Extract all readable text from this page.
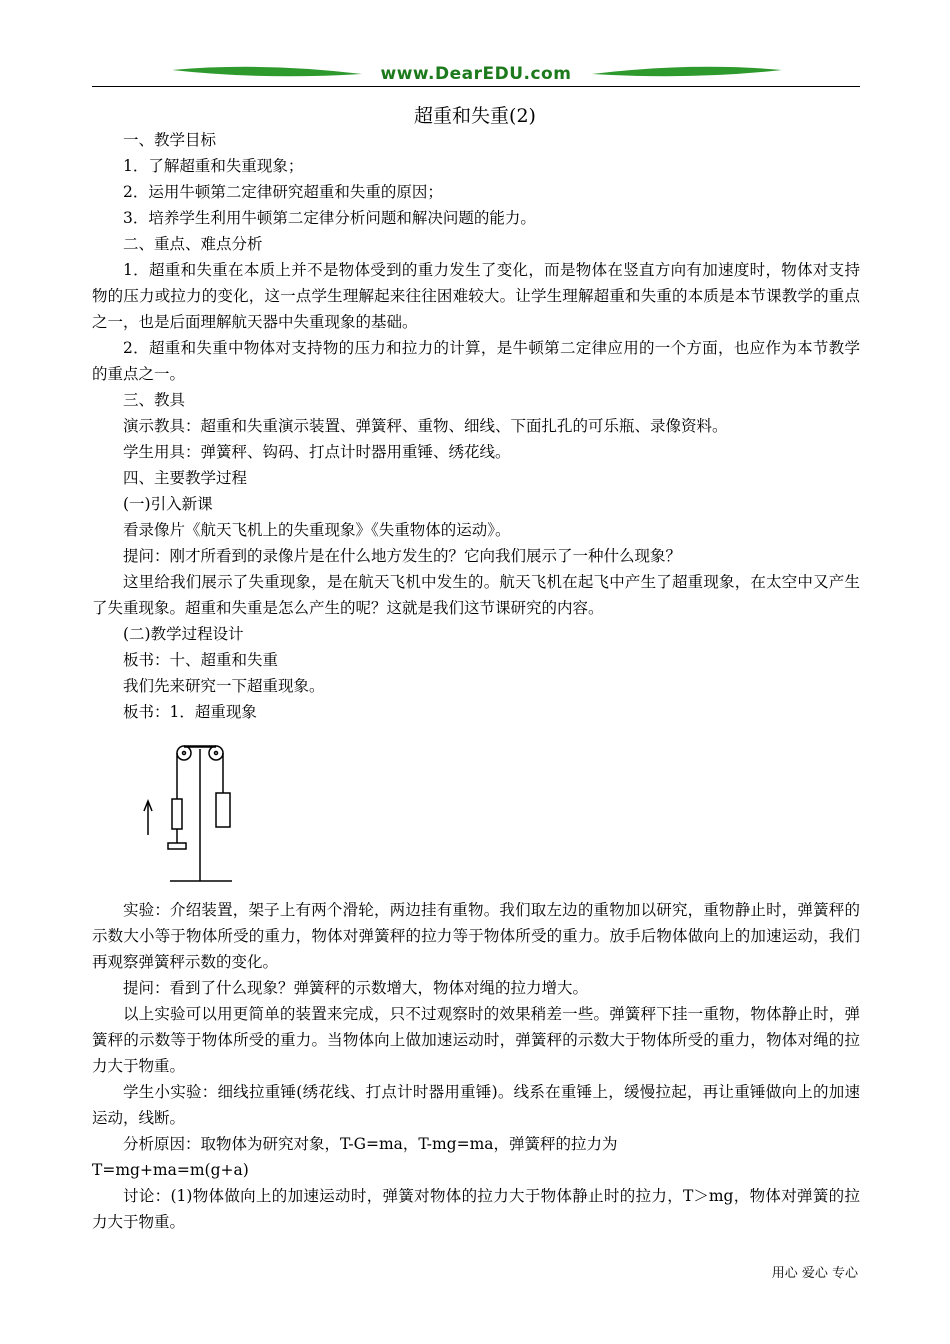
www.DearEDU.com
超重和失重(2)

一、教学目标

1．了解超重和失重现象；

2．运用牛顿第二定律研究超重和失重的原因；

3．培养学生利用牛顿第二定律分析问题和解决问题的能力。

二、重点、难点分析

1．超重和失重在本质上并不是物体受到的重力发生了变化，而是物体在竖直方向有加速度时，物体对支持物的压力或拉力的变化，这一点学生理解起来往往困难较大。让学生理解超重和失重的本质是本节课教学的重点之一，也是后面理解航天器中失重现象的基础。

2．超重和失重中物体对支持物的压力和拉力的计算，是牛顿第二定律应用的一个方面，也应作为本节教学的重点之一。

三、教具

演示教具：超重和失重演示装置、弹簧秤、重物、细线、下面扎孔的可乐瓶、录像资料。

学生用具：弹簧秤、钩码、打点计时器用重锤、绣花线。

四、主要教学过程

(一)引入新课

看录像片《航天飞机上的失重现象》《失重物体的运动》。

提问：刚才所看到的录像片是在什么地方发生的？它向我们展示了一种什么现象？

这里给我们展示了失重现象，是在航天飞机中发生的。航天飞机在起飞中产生了超重现象，在太空中又产生了失重现象。超重和失重是怎么产生的呢？这就是我们这节课研究的内容。

(二)教学过程设计

板书：十、超重和失重

我们先来研究一下超重现象。

板书：1．超重现象

实验：介绍装置，架子上有两个滑轮，两边挂有重物。我们取左边的重物加以研究，重物静止时，弹簧秤的示数大小等于物体所受的重力，物体对弹簧秤的拉力等于物体所受的重力。放手后物体做向上的加速运动，我们再观察弹簧秤示数的变化。

提问：看到了什么现象？弹簧秤的示数增大，物体对绳的拉力增大。

以上实验可以用更简单的装置来完成，只不过观察时的效果稍差一些。弹簧秤下挂一重物，物体静止时，弹簧秤的示数等于物体所受的重力。当物体向上做加速运动时，弹簧秤的示数大于物体所受的重力，物体对绳的拉力大于物重。

学生小实验：细线拉重锤(绣花线、打点计时器用重锤)。线系在重锤上，缓慢拉起，再让重锤做向上的加速运动，线断。

分析原因：取物体为研究对象，T-G=ma，T-mg=ma，弹簧秤的拉力为

T=mg+ma=m(g+a)

讨论：(1)物体做向上的加速运动时，弹簧对物体的拉力大于物体静止时的拉力，T＞mg，物体对弹簧的拉力大于物重。

用心 爱心 专心
